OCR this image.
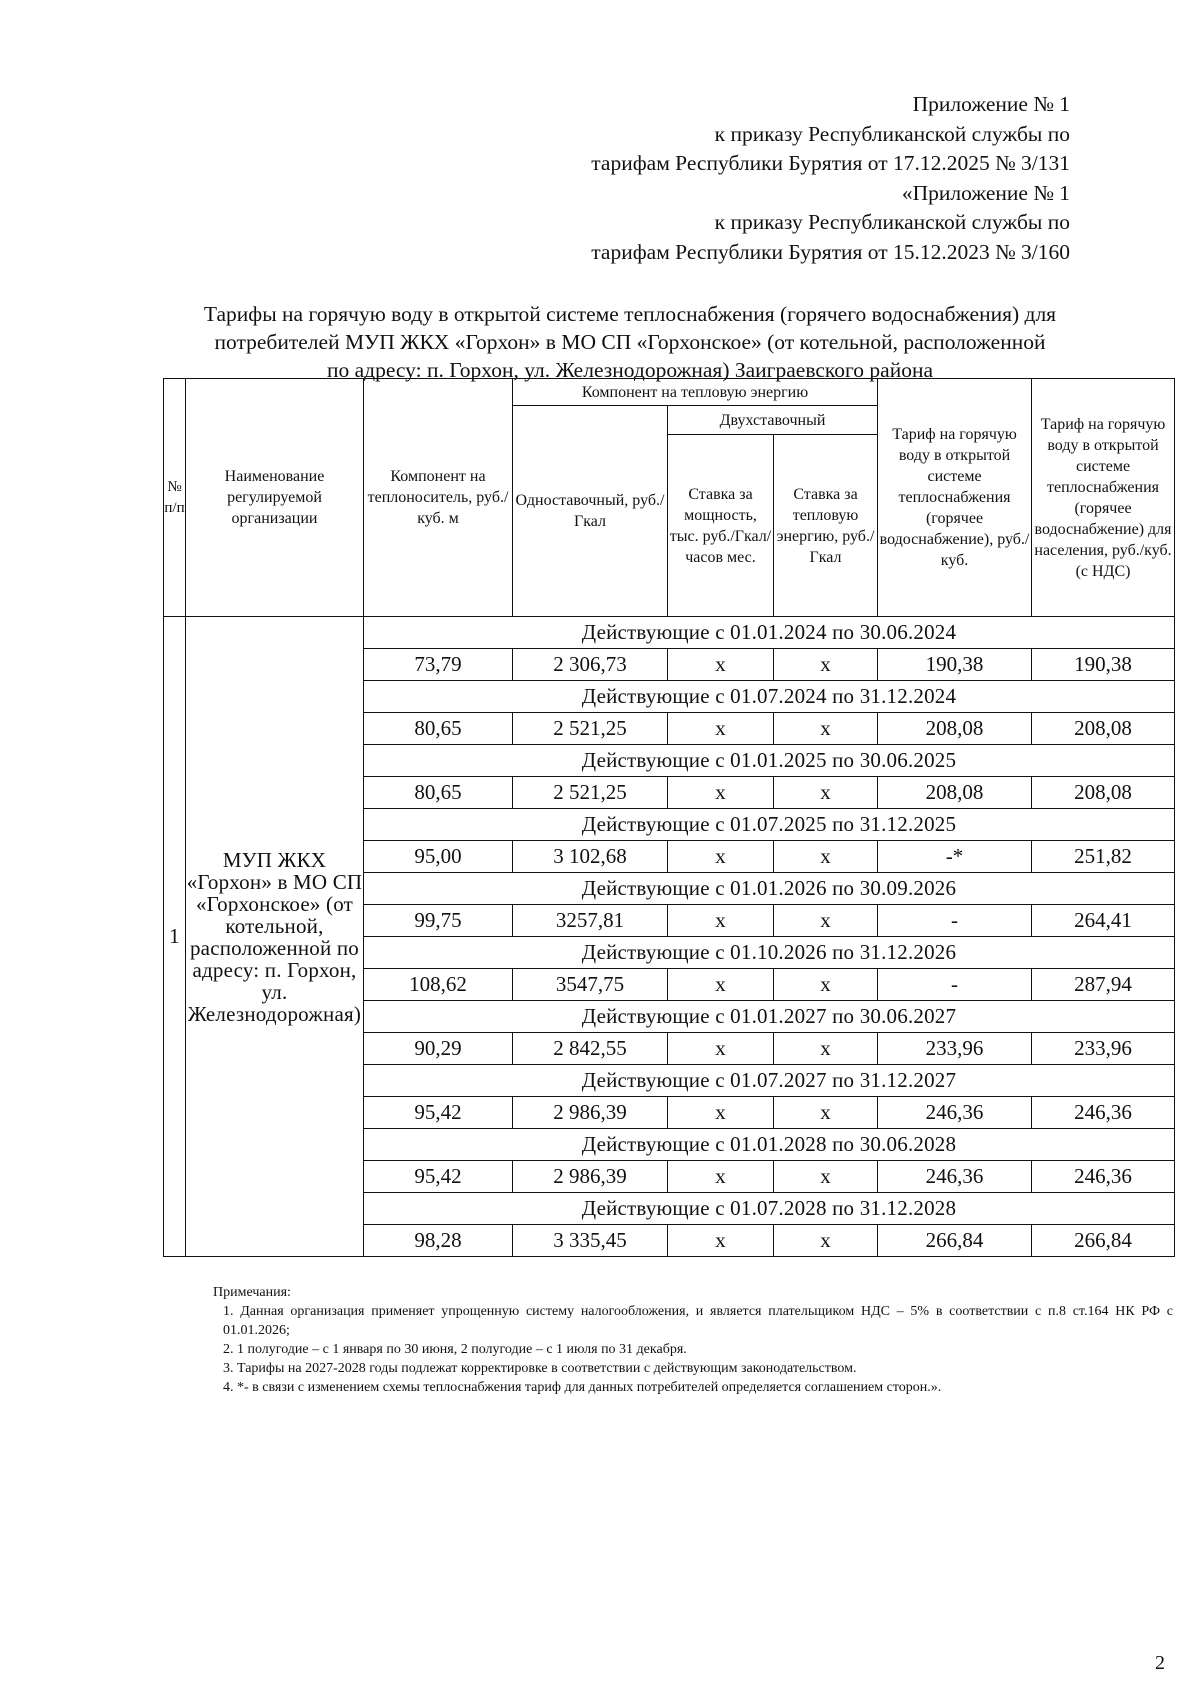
Приложение № 1
к приказу Республиканской службы по
тарифам Республики Бурятия от 17.12.2025 № 3/131
«Приложение № 1
к приказу Республиканской службы по
тарифам Республики Бурятия от 15.12.2023 № 3/160
Тарифы на горячую воду в открытой системе теплоснабжения (горячего водоснабжения) для
потребителей МУП ЖКХ «Горхон» в МО СП «Горхонское» (от котельной, расположенной
по адресу: п. Горхон, ул. Железнодорожная) Заиграевского района
№ п/п	Наименование регулируемой организации	Компонент на теплоноситель, руб./куб. м	Компонент на тепловую энергию			Тариф на горячую воду в открытой системе теплоснабжения (горячее водоснабжение), руб./куб.	Тариф на горячую воду в открытой системе теплоснабжения (горячее водоснабжение) для населения, руб./куб. (с НДС)
			Одноставочный, руб./Гкал	Двухставочный			
				Ставка за мощность, тыс. руб./Гкал/ часов мес.	Ставка за тепловую энергию, руб./Гкал		
1	МУП ЖКХ «Горхон» в МО СП «Горхонское» (от котельной, расположенной по адресу: п. Горхон, ул. Железнодорожная)	Действующие с 01.01.2024 по 30.06.2024					
		73,79	2 306,73	х	х	190,38	190,38
		Действующие с 01.07.2024 по 31.12.2024					
		80,65	2 521,25	х	х	208,08	208,08
		Действующие с 01.01.2025 по 30.06.2025					
		80,65	2 521,25	х	х	208,08	208,08
		Действующие с 01.07.2025 по 31.12.2025					
		95,00	3 102,68	х	х	-*	251,82
		Действующие с 01.01.2026 по 30.09.2026					
		99,75	3257,81	х	х	-	264,41
		Действующие с 01.10.2026 по 31.12.2026					
		108,62	3547,75	х	х	-	287,94
		Действующие с 01.01.2027 по 30.06.2027					
		90,29	2 842,55	х	х	233,96	233,96
		Действующие с 01.07.2027 по 31.12.2027					
		95,42	2 986,39	х	х	246,36	246,36
		Действующие с 01.01.2028 по 30.06.2028					
		95,42	2 986,39	х	х	246,36	246,36
		Действующие с 01.07.2028 по 31.12.2028					
		98,28	3 335,45	х	х	266,84	266,84

Примечания:

1. Данная организация применяет упрощенную систему налогообложения, и является плательщиком НДС – 5% в соответствии с п.8 ст.164 НК РФ с 01.01.2026;

2. 1 полугодие – с 1 января по 30 июня, 2 полугодие – с 1 июля по 31 декабря.

3. Тарифы на 2027-2028 годы подлежат корректировке в соответствии с действующим законодательством.

4. *- в связи с изменением схемы теплоснабжения тариф для данных потребителей определяется соглашением сторон.».

2
